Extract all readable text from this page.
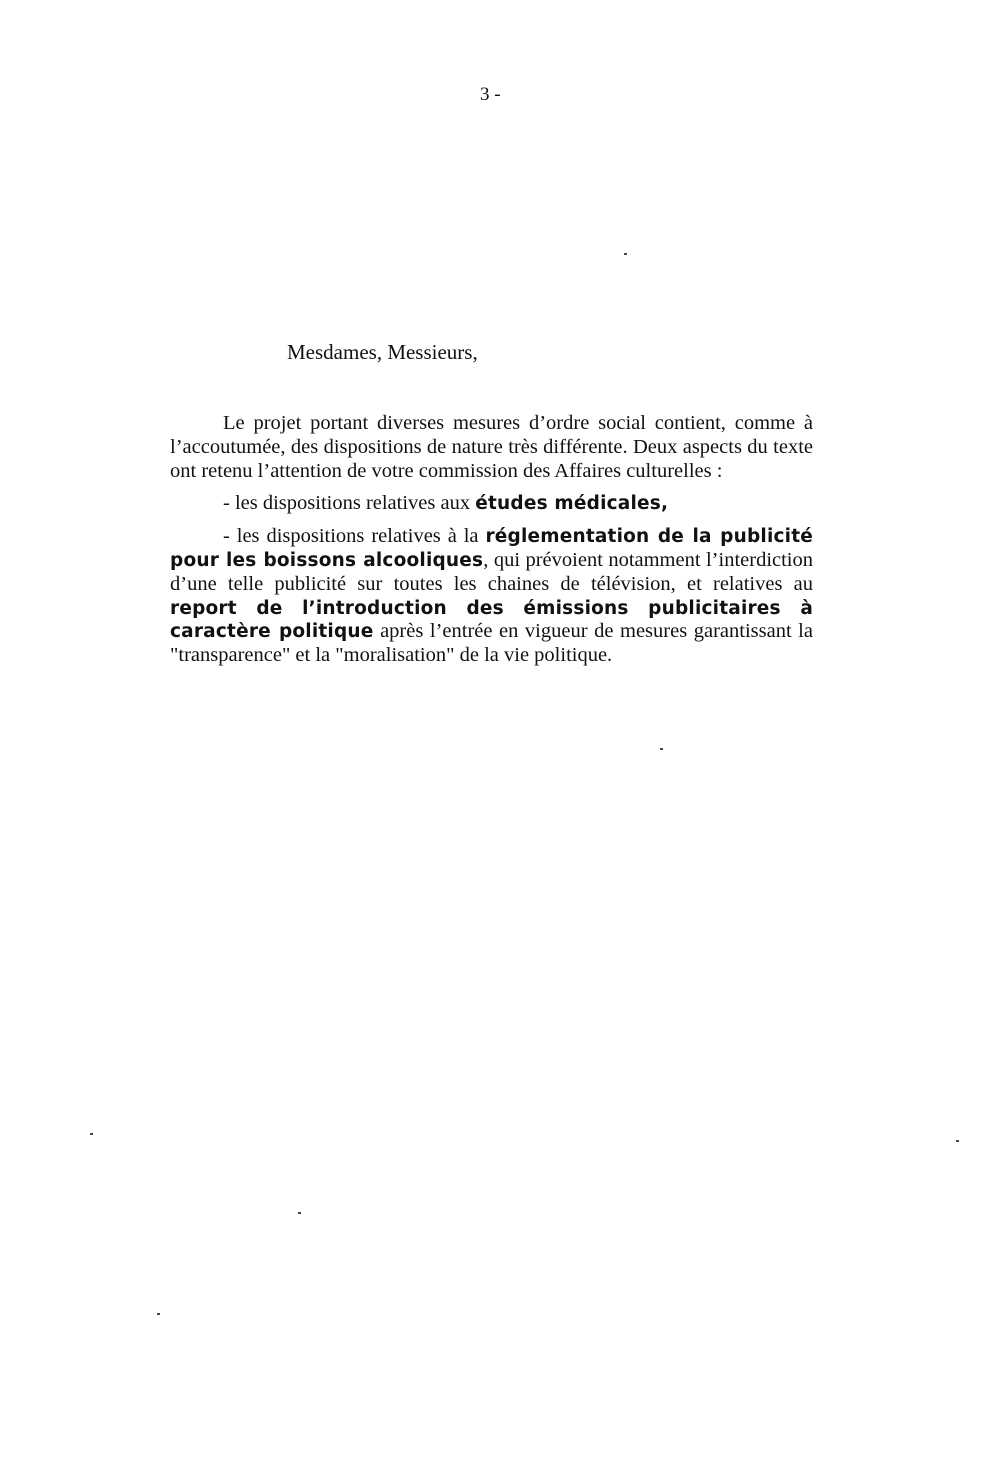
3 -
Mesdames, Messieurs,

Le projet portant diverses mesures d’ordre social contient, comme à l’accoutumée, des dispositions de nature très différente. Deux aspects du texte ont retenu l’attention de votre commission des Affaires culturelles :

- les dispositions relatives aux études médicales,

- les dispositions relatives à la réglementation de la publicité pour les boissons alcooliques, qui prévoient notamment l’interdiction d’une telle publicité sur toutes les chaines de télévision, et relatives au report de l’introduction des émissions publicitaires à caractère politique après l’entrée en vigueur de mesures garantissant la "transparence" et la "moralisation" de la vie politique.
